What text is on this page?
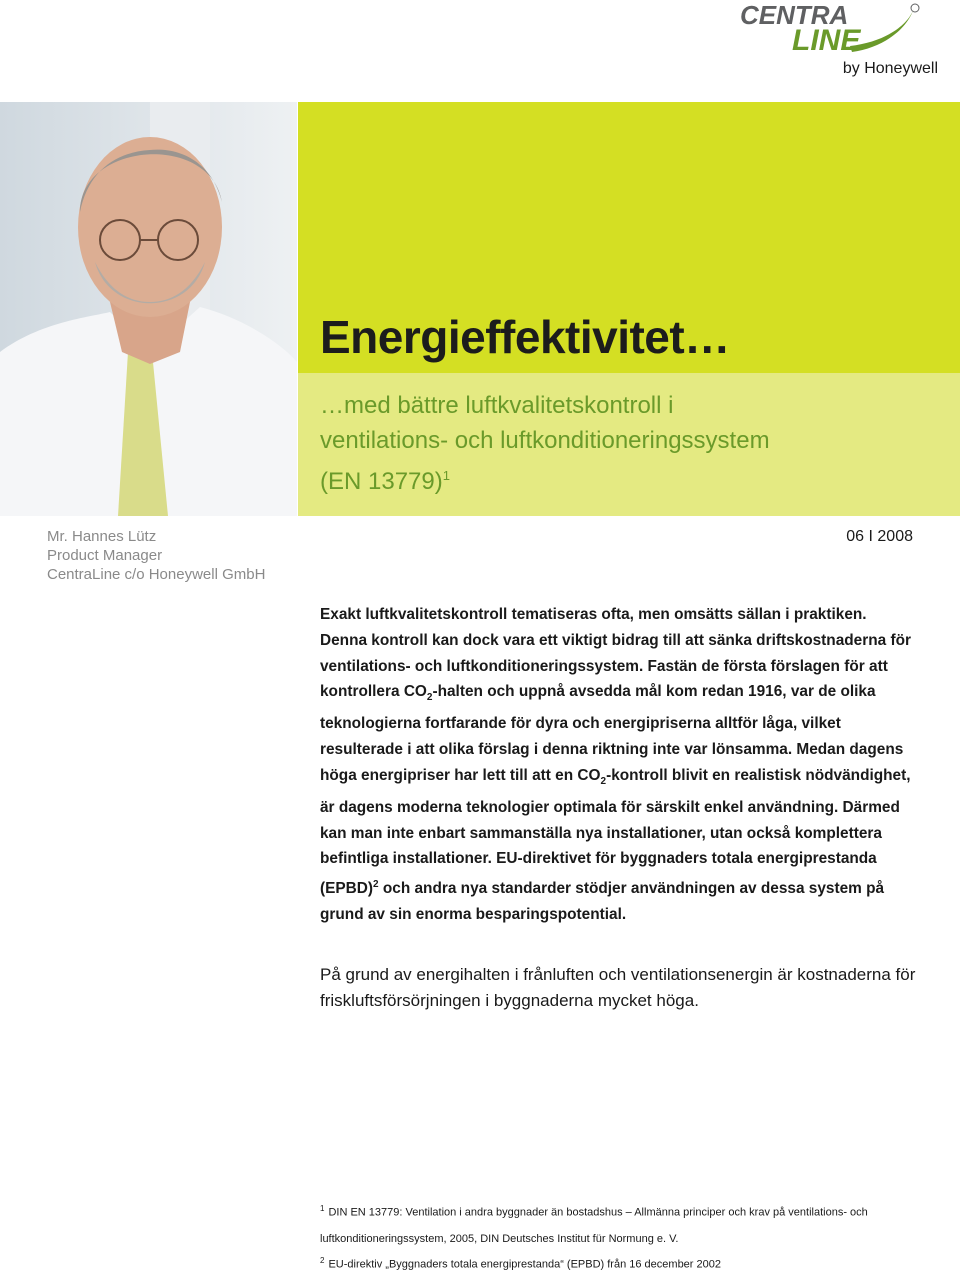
CENTRA
LINE
by Honeywell
Energieffektivitet…
…med bättre luftkvalitetskontroll i
ventilations- och luftkonditioneringssystem
(EN 13779)$^1$
Mr. Hannes Lütz
Product Manager
CentraLine c/o Honeywell GmbH
06 I 2008

Exakt luftkvalitetskontroll tematiseras ofta, men omsätts sällan i praktiken. Denna kontroll kan dock vara ett viktigt bidrag till att sänka driftskostnaderna för ventilations- och luftkonditioneringssystem. Fastän de första förslagen för att kontrollera $CO_2$-halten och uppnå avsedda mål kom redan 1916, var de olika teknologierna fortfarande för dyra och energipriserna alltför låga, vilket resulterade i att olika förslag i denna riktning inte var lönsamma. Medan dagens höga energipriser har lett till att en $CO_2$-kontroll blivit en realistisk nödvändighet, är dagens moderna teknologier optimala för särskilt enkel användning. Därmed kan man inte enbart sammanställa nya installationer, utan också komplettera befintliga installationer. EU-direktivet för byggnaders totala energiprestanda (EPBD)$^2$ och andra nya standarder stödjer användningen av dessa system på grund av sin enorma besparingspotential.

På grund av energihalten i frånluften och ventilationsenergin är kostnaderna för friskluftsförsörjningen i byggnaderna mycket höga.

$^1$ DIN EN 13779: Ventilation i andra byggnader än bostadshus – Allmänna principer och krav på ventilations- och
luftkonditioneringssystem, 2005, DIN Deutsches Institut für Normung e. V.
$^2$ EU-direktiv „Byggnaders totala energiprestanda“ (EPBD) från 16 december 2002
